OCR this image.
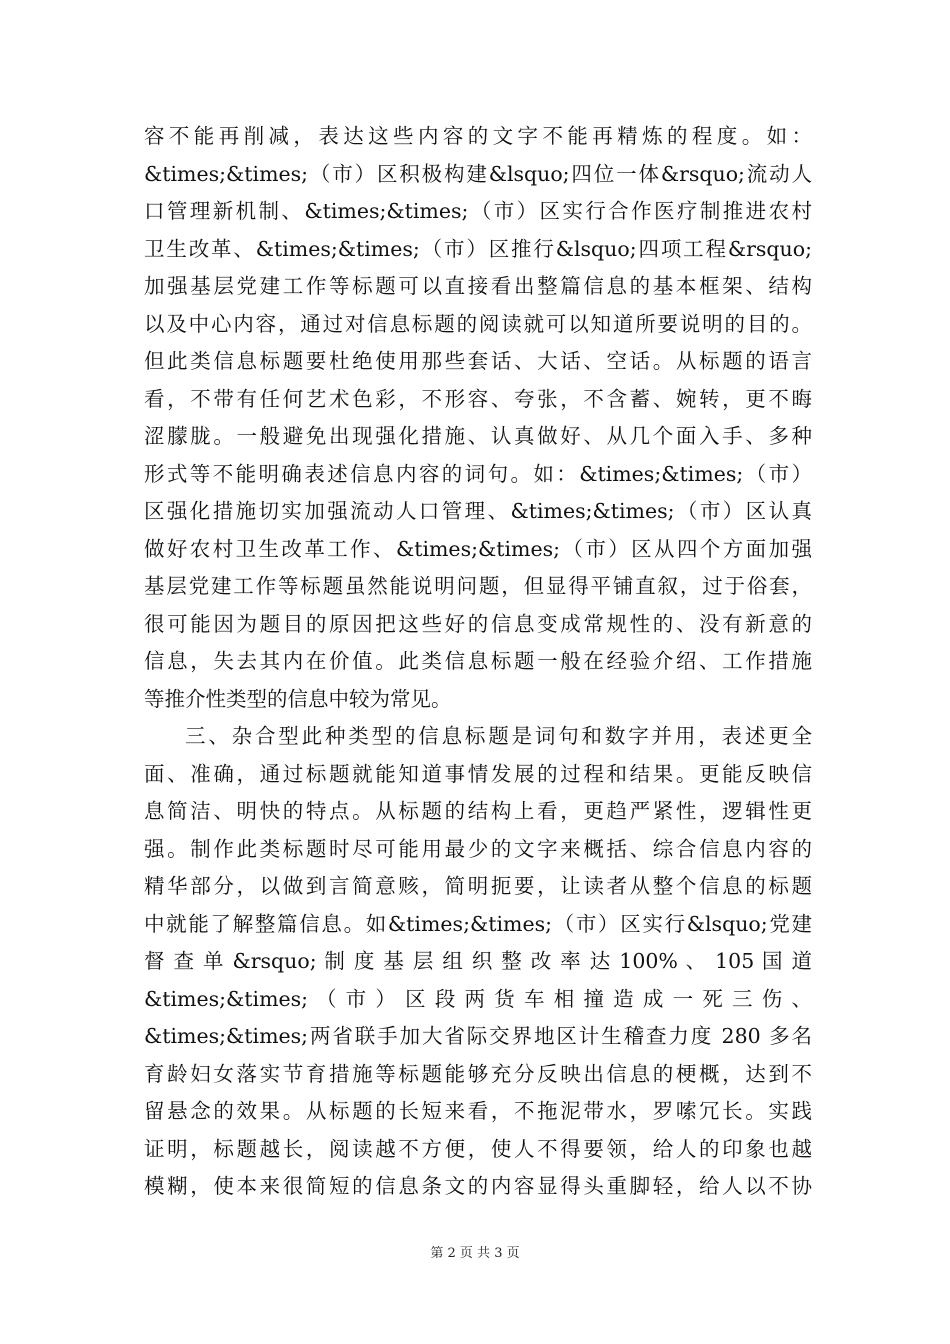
容不能再削减，表达这些内容的文字不能再精炼的程度。如：
&times;&times;（市）区积极构建&lsquo;四位一体&rsquo;流动人
口管理新机制、&times;&times;（市）区实行合作医疗制推进农村
卫生改革、&times;&times;（市）区推行&lsquo;四项工程&rsquo;
加强基层党建工作等标题可以直接看出整篇信息的基本框架、结构
以及中心内容，通过对信息标题的阅读就可以知道所要说明的目的。
但此类信息标题要杜绝使用那些套话、大话、空话。从标题的语言
看，不带有任何艺术色彩，不形容、夸张，不含蓄、婉转，更不晦
涩朦胧。一般避免出现强化措施、认真做好、从几个面入手、多种
形式等不能明确表述信息内容的词句。如：&times;&times;（市）
区强化措施切实加强流动人口管理、&times;&times;（市）区认真
做好农村卫生改革工作、&times;&times;（市）区从四个方面加强
基层党建工作等标题虽然能说明问题，但显得平铺直叙，过于俗套，
很可能因为题目的原因把这些好的信息变成常规性的、没有新意的
信息，失去其内在价值。此类信息标题一般在经验介绍、工作措施
等推介性类型的信息中较为常见。
三、杂合型此种类型的信息标题是词句和数字并用，表述更全
面、准确，通过标题就能知道事情发展的过程和结果。更能反映信
息简洁、明快的特点。从标题的结构上看，更趋严紧性，逻辑性更
强。制作此类标题时尽可能用最少的文字来概括、综合信息内容的
精华部分，以做到言简意赅，简明扼要，让读者从整个信息的标题
中就能了解整篇信息。如&times;&times;（市）区实行&lsquo;党建
督 查 单 &rsquo; 制 度 基 层 组 织 整 改 率 达 100% 、 105 国 道
&times;&times; （ 市 ） 区 段 两 货 车 相 撞 造 成 一 死 三 伤 、
&times;&times;两省联手加大省际交界地区计生稽查力度 280 多名
育龄妇女落实节育措施等标题能够充分反映出信息的梗概，达到不
留悬念的效果。从标题的长短来看，不拖泥带水，罗嗦冗长。实践
证明，标题越长，阅读越不方便，使人不得要领，给人的印象也越
模糊，使本来很简短的信息条文的内容显得头重脚轻，给人以不协
第 2 页 共 3 页
